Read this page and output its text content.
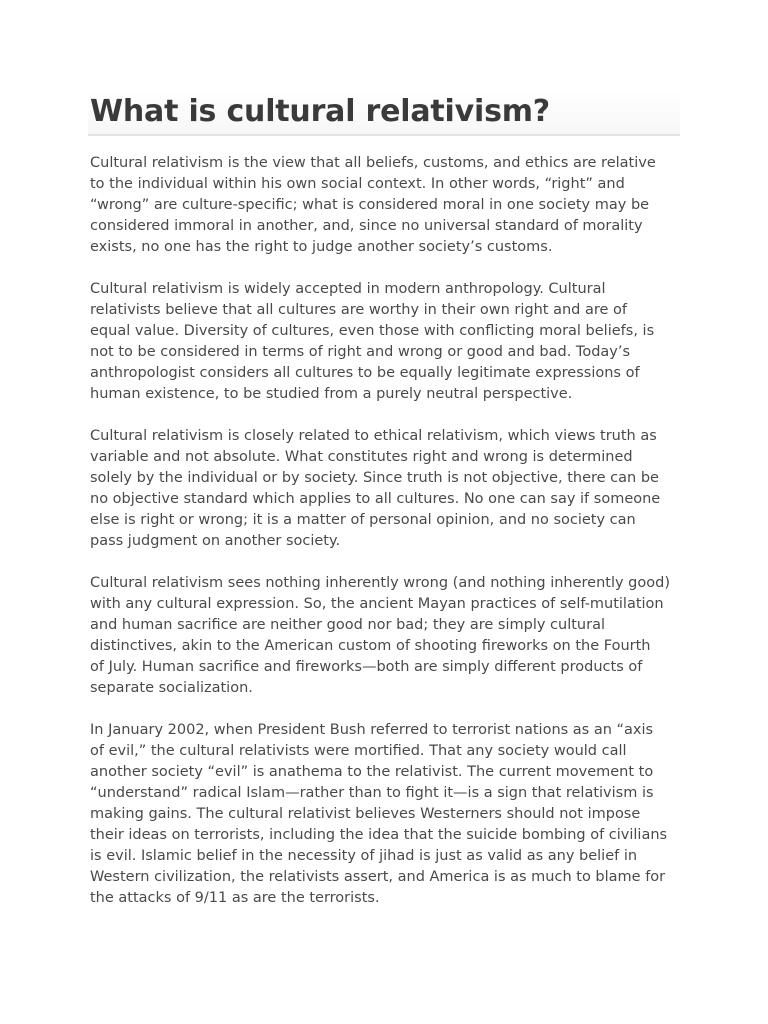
What is cultural relativism?

Cultural relativism is the view that all beliefs, customs, and ethics are relative
to the individual within his own social context. In other words, “right” and
“wrong” are culture-specific; what is considered moral in one society may be
considered immoral in another, and, since no universal standard of morality
exists, no one has the right to judge another society’s customs.

Cultural relativism is widely accepted in modern anthropology. Cultural
relativists believe that all cultures are worthy in their own right and are of
equal value. Diversity of cultures, even those with conflicting moral beliefs, is
not to be considered in terms of right and wrong or good and bad. Today’s
anthropologist considers all cultures to be equally legitimate expressions of
human existence, to be studied from a purely neutral perspective.

Cultural relativism is closely related to ethical relativism, which views truth as
variable and not absolute. What constitutes right and wrong is determined
solely by the individual or by society. Since truth is not objective, there can be
no objective standard which applies to all cultures. No one can say if someone
else is right or wrong; it is a matter of personal opinion, and no society can
pass judgment on another society.

Cultural relativism sees nothing inherently wrong (and nothing inherently good)
with any cultural expression. So, the ancient Mayan practices of self-mutilation
and human sacrifice are neither good nor bad; they are simply cultural
distinctives, akin to the American custom of shooting fireworks on the Fourth
of July. Human sacrifice and fireworks—both are simply different products of
separate socialization.

In January 2002, when President Bush referred to terrorist nations as an “axis
of evil,” the cultural relativists were mortified. That any society would call
another society “evil” is anathema to the relativist. The current movement to
“understand” radical Islam—rather than to fight it—is a sign that relativism is
making gains. The cultural relativist believes Westerners should not impose
their ideas on terrorists, including the idea that the suicide bombing of civilians
is evil. Islamic belief in the necessity of jihad is just as valid as any belief in
Western civilization, the relativists assert, and America is as much to blame for
the attacks of 9/11 as are the terrorists.
